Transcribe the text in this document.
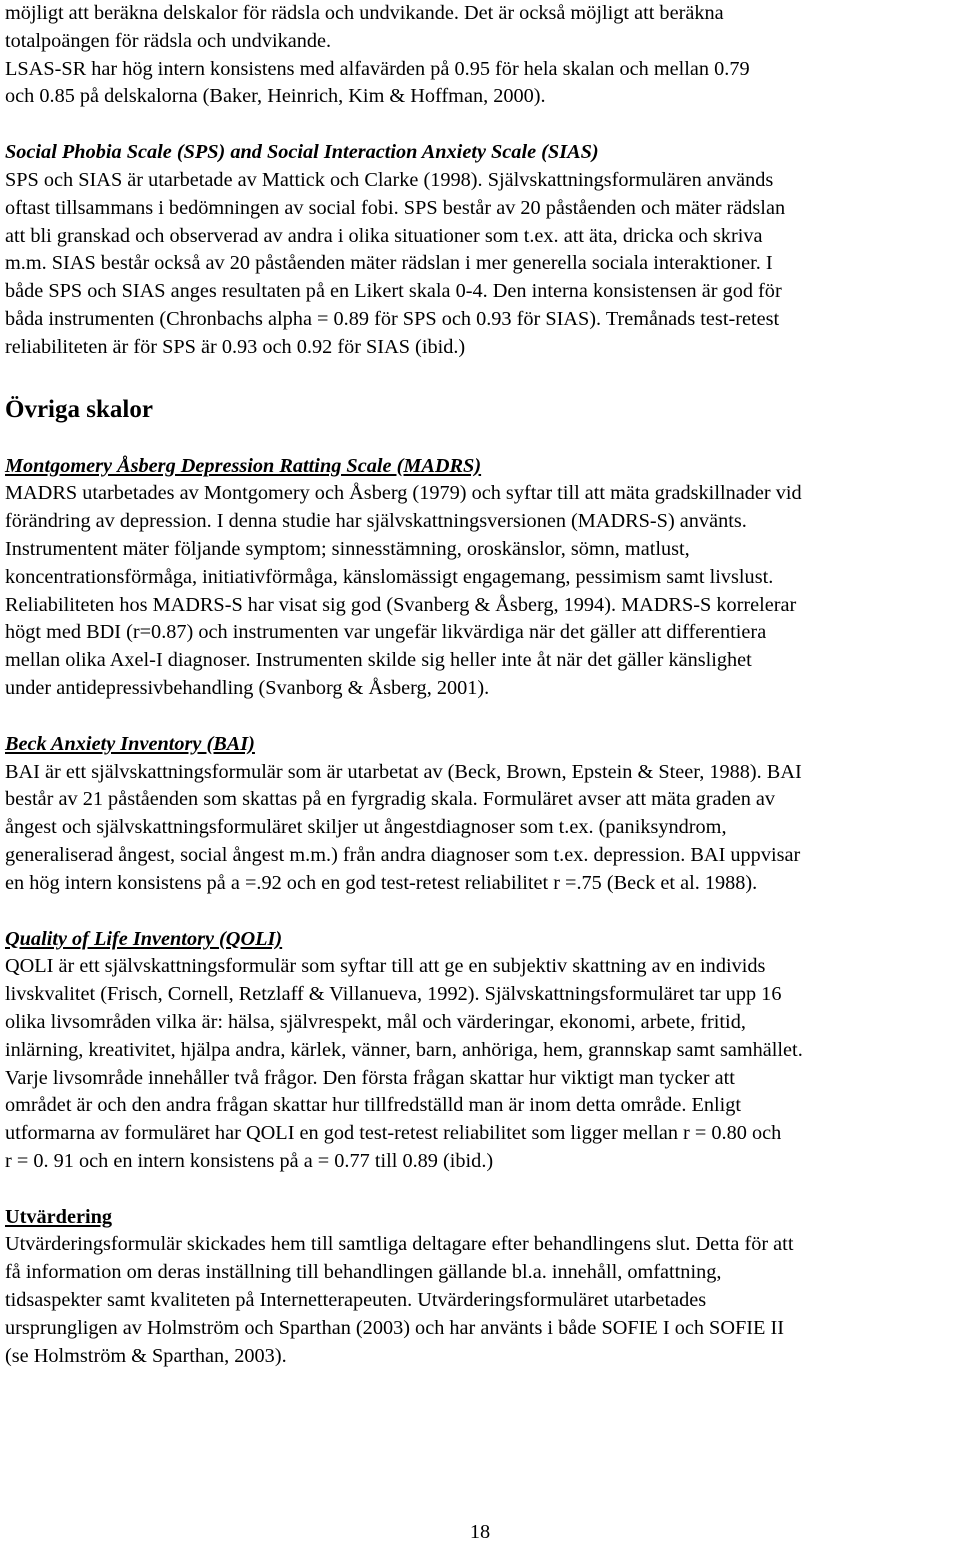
möjligt att beräkna delskalor för rädsla och undvikande. Det är också möjligt att beräkna
totalpoängen för rädsla och undvikande.
LSAS-SR har hög intern konsistens med alfavärden på 0.95 för hela skalan och mellan 0.79
och 0.85 på delskalorna (Baker, Heinrich, Kim & Hoffman, 2000).

Social Phobia Scale (SPS) and Social Interaction Anxiety Scale (SIAS)

SPS och SIAS är utarbetade av Mattick och Clarke (1998). Självskattningsformulären används
oftast tillsammans i bedömningen av social fobi. SPS består av 20 påståenden och mäter rädslan
att bli granskad och observerad av andra i olika situationer som t.ex. att äta, dricka och skriva
m.m. SIAS består också av 20 påståenden mäter rädslan i mer generella sociala interaktioner. I
både SPS och SIAS anges resultaten på en Likert skala 0-4. Den interna konsistensen är god för
båda instrumenten (Chronbachs alpha = 0.89 för SPS och 0.93 för SIAS). Tremånads test-retest
reliabiliteten är för SPS är 0.93 och 0.92 för SIAS (ibid.)

Övriga skalor

Montgomery Åsberg Depression Ratting Scale (MADRS)

MADRS utarbetades av Montgomery och Åsberg (1979) och syftar till att mäta gradskillnader vid
förändring av depression. I denna studie har självskattningsversionen (MADRS-S) använts.
Instrumentent mäter följande symptom; sinnesstämning, oroskänslor, sömn, matlust,
koncentrationsförmåga, initiativförmåga, känslomässigt engagemang, pessimism samt livslust.
Reliabiliteten hos MADRS-S har visat sig god (Svanberg & Åsberg, 1994). MADRS-S korrelerar
högt med BDI (r=0.87) och instrumenten var ungefär likvärdiga när det gäller att differentiera
mellan olika Axel-I diagnoser. Instrumenten skilde sig heller inte åt när det gäller känslighet
under antidepressivbehandling (Svanborg & Åsberg, 2001).

Beck Anxiety Inventory (BAI)

BAI är ett självskattningsformulär som är utarbetat av (Beck, Brown, Epstein & Steer, 1988). BAI
består av 21 påståenden som skattas på en fyrgradig skala. Formuläret avser att mäta graden av
ångest och självskattningsformuläret skiljer ut ångestdiagnoser som t.ex. (paniksyndrom,
generaliserad ångest, social ångest m.m.) från andra diagnoser som t.ex. depression. BAI uppvisar
en hög intern konsistens på a =.92 och en god test-retest reliabilitet r =.75 (Beck et al. 1988).

Quality of Life Inventory (QOLI)

QOLI är ett självskattningsformulär som syftar till att ge en subjektiv skattning av en individs
livskvalitet (Frisch, Cornell, Retzlaff & Villanueva, 1992). Självskattningsformuläret tar upp 16
olika livsområden vilka är: hälsa, självrespekt, mål och värderingar, ekonomi, arbete, fritid,
inlärning, kreativitet, hjälpa andra, kärlek, vänner, barn, anhöriga, hem, grannskap samt samhället.
Varje livsområde innehåller två frågor. Den första frågan skattar hur viktigt man tycker att
området är och den andra frågan skattar hur tillfredställd man är inom detta område. Enligt
utformarna av formuläret har QOLI en god test-retest reliabilitet som ligger mellan r = 0.80 och
r = 0. 91 och en intern konsistens på a = 0.77 till 0.89 (ibid.)

Utvärdering

Utvärderingsformulär skickades hem till samtliga deltagare efter behandlingens slut. Detta för att
få information om deras inställning till behandlingen gällande bl.a. innehåll, omfattning,
tidsaspekter samt kvaliteten på Internetterapeuten. Utvärderingsformuläret utarbetades
ursprungligen av Holmström och Sparthan (2003) och har använts i både SOFIE I och SOFIE II
(se Holmström & Sparthan, 2003).

18
